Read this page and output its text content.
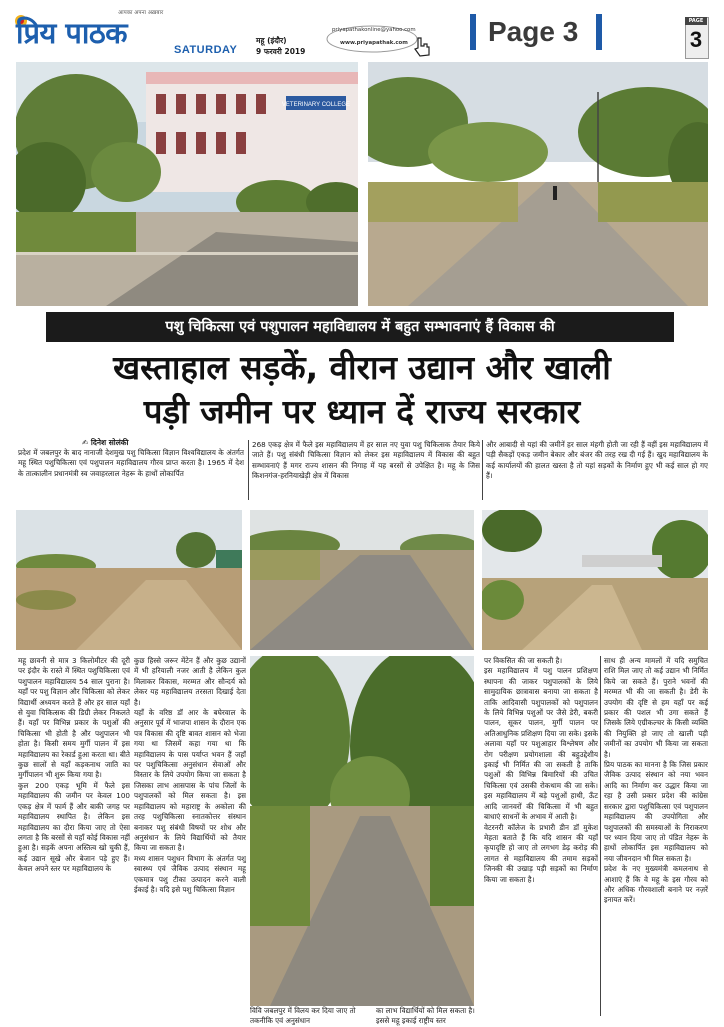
प्रिय पाठक
आपका अपना अख़बार
SATURDAY
महू (इंदौर)
9 फरवरी 2019
priyapathakonline@yahoo.com
www.priyapathak.com	Page 3	PAGE
3
VETERINARY COLLEGE
पशु चिकित्सा एवं पशुपालन महाविद्यालय में बहुत सम्भावनाएं हैं विकास की
खस्ताहाल सड़कें, वीरान उद्यान और खाली
पड़ी जमीन पर ध्यान दें राज्य सरकार
✍ दिनेश सोलंकी
प्रदेश में जबलपुर के बाद नानाजी देशमुख पशु चिकित्सा विज्ञान विश्वविद्यालय के अंतर्गत महू स्थित पशुचिकित्सा एवं पशुपालन महाविद्यालय गौरव प्राप्त करता है। 1965 में देश के तात्कालीन प्रधानमंत्री स्व जवाहरलाल नेहरू के हाथों लोकार्पित
268 एकड़ क्षेत्र में फैले इस महाविद्यालय में हर साल नए युवा पशु चिकित्सक तैयार किये जाते हैं। पशु संबंधी चिकित्सा विज्ञान को लेकर इस महाविद्यालय में विकास की बहुत सम्भावनाएं हैं मगर राज्य शासन की निगाह में यह बरसों से उपेक्षित है। महू के जिस किशनगंज-हरनियाखेड़ी क्षेत्र में विकास
और आबादी से यहां की जमीनें हर साल मंहगी होती जा रही हैं वहीं इस महाविद्यालय में पड़ी सैकड़ों एकड़ जमीन बेकार और बंजर की तरह रख दी गई हैं। खुद महाविद्यालय के कई कार्यालयों की हालत खस्ता है तो यहां सड़कों के निर्माण हुए भी कई साल हो गए हैं।
महू छावनी से मात्र 3 किलोमीटर की दूरी पर इंदौर के रास्ते में स्थित पशुचिकित्सा एवं पशुपालन महाविद्यालय 54 साल पुराना है। यहाँ पर पशु विज्ञान और चिकित्सा को लेकर विद्यार्थी अध्ययन करते हैं और हर साल यहाँ से युवा चिकित्सक की डिग्री लेकर निकलते हैं। यहाँ पर विभिन्न प्रकार के पशुओं की चिकित्सा भी होती है और पशुपालन भी होता है। किसी समय मुर्गी पालन में इस महाविद्यालय का रेकार्ड हुआ करता था। बीते कुछ सालों से यहाँ कड़कनाथ जाति का मुर्गीपालन भी शुरू किया गया है।
कुल 200 एकड़ भूमि में फैले इस महाविद्यालय की जमीन पर केवल 100 एकड़ क्षेत्र में फार्म हैं और बाकी जगह पर महाविद्यालय स्थापित है। लेकिन इस महाविद्यालय का दौरा किया जाए तो ऐसा लगता है कि बरसों से यहाँ कोई विकास नहीं हुआ है। सड़कें अपना अस्तित्व खो चुकी हैं, कई उद्यान सूखे और बेजान पड़े हुए हैं। केवल अपने स्तर पर महाविद्यालय के
कुछ हिस्से जरूर मेंटेन हैं और कुछ उद्यानों में भी हरियाली नजर आती है लेकिन कुल मिलाकर विकास, मरम्मत और सौन्दर्य को लेकर यह महाविद्यालय तरसता दिखाई देता है।
यहाँ के वरिष्ठ डॉ आर के बघेरवाल के अनुसार पूर्व में भाजपा शासन के दौरान एक पत्र विकास की दृष्टि बावत शासन को भेजा गया था जिसमें कहा गया था कि महाविद्यालय के पास पर्याप्त भवन हैं जहाँ पर पशुचिकित्सा अनुसंधान सेवाओं और विस्तार के लिये उपयोग किया जा सकता है जिसका लाभ आसपास के पांच जिलों के पशुपालकों को मिल सकता है। इस महाविद्यालय को महाराष्ट्र के अकोला की तरह पशुचिकित्सा स्नातकोत्तर संस्थान बनाकर पशु संबंधी विषयों पर शोध और अनुसंधान के लिये विद्यार्थियों को तैयार किया जा सकता है।
मध्य शासन पशुधन विभाग के अंतर्गत पशु स्वास्थ्य एवं जैविक उत्पाद संस्थान महू एकमात्र पशु टीका उत्पादन करने वाली ईकाई है। यदि इसे पशु चिकित्सा विज्ञान
विवि जबलपुर में विलय कर दिया जाए तो तकनीकि एवं अनुसंधान
पर विकसित की जा सकती है।
इस महाविद्यालय में पशु पालन प्रशिक्षण स्थापना की जाकर पशुपालकों के लिये सामुदायिक छात्रावास बनाया जा सकता है ताकि आदिवासी पशुपालकों को पशुपालन के लिये विभिन्न पशुओं पर जैसे डेरी, बकरी पालन, सूकर पालन, मुर्गी पालन पर अतिआधुनिक प्रशिक्षण दिया जा सके। इसके अलावा यहाँ पर पशुआहार विश्लेषण और रोग परीक्षण प्रयोगशाला की बहुउद्देशीय इकाई भी निर्मित की जा सकती है ताकि पशुओं की विभिन्न बिमारियों की उचित चिकित्सा एवं उसकी रोकथाम की जा सके। इस महाविद्यालय में बड़े पशुओं हाथी, ऊँट आदि जानवरों की चिकित्सा में भी बहुत बाधाएं साधनों के अभाव में आती है।
वेटरनरी कॉलेज के प्रभारी डीन डॉ मुकेश मेहता बताते हैं कि यदि शासन की यहाँ कृपादृष्टि हो जाए तो लगभग डेढ़ करोड़ की लागत से महाविद्यालय की तमाम सड़कों जिनकी की उखाड़ पड़ी सड़कों का निर्माण किया जा सकता है।
साथ ही अन्य मामलों में यदि समुचित राशि मिल जाए तो कई उद्यान भी निर्मित किये जा सकते हैं। पुराने भवनों की मरम्मत भी की जा सकती है। डेरी के उपयोग की दृष्टि से हम यहाँ पर कई प्रकार की पशल भी उगा सकते हैं जिसके लिये एग्रीकल्चर के किसी व्यक्ति की नियुक्ति हो जाए तो खाली पड़ी जमीनों का उपयोग भी किया जा सकता है।
प्रिय पाठक का मानना है कि जिस प्रकार जैविक उत्पाद संस्थान को नया भवन आदि का निर्माण कर उद्धार किया जा रहा है उसी प्रकार प्रदेश की कांग्रेस सरकार द्वारा पशुचिकित्सा एवं पशुपालन महाविद्यालय की उपयोगिता और पशुपालकों की समस्याओं के निराकरण पर ध्यान दिया जाए तो पंडित नेहरू के हाथों लोकार्पित इस महाविद्यालय को नया जीवनदान भी मिल सकता है।
प्रदेश के नए मुख्यमंत्री कमलनाथ से आशाएं हैं कि वे महू के इस गौरव को और अधिक गौरवशाली बनाने पर नज़रें इनायत करें।
का लाभ विद्यार्थियों को मिल सकता है। इससे महू इकाई राष्ट्रीय स्तर
